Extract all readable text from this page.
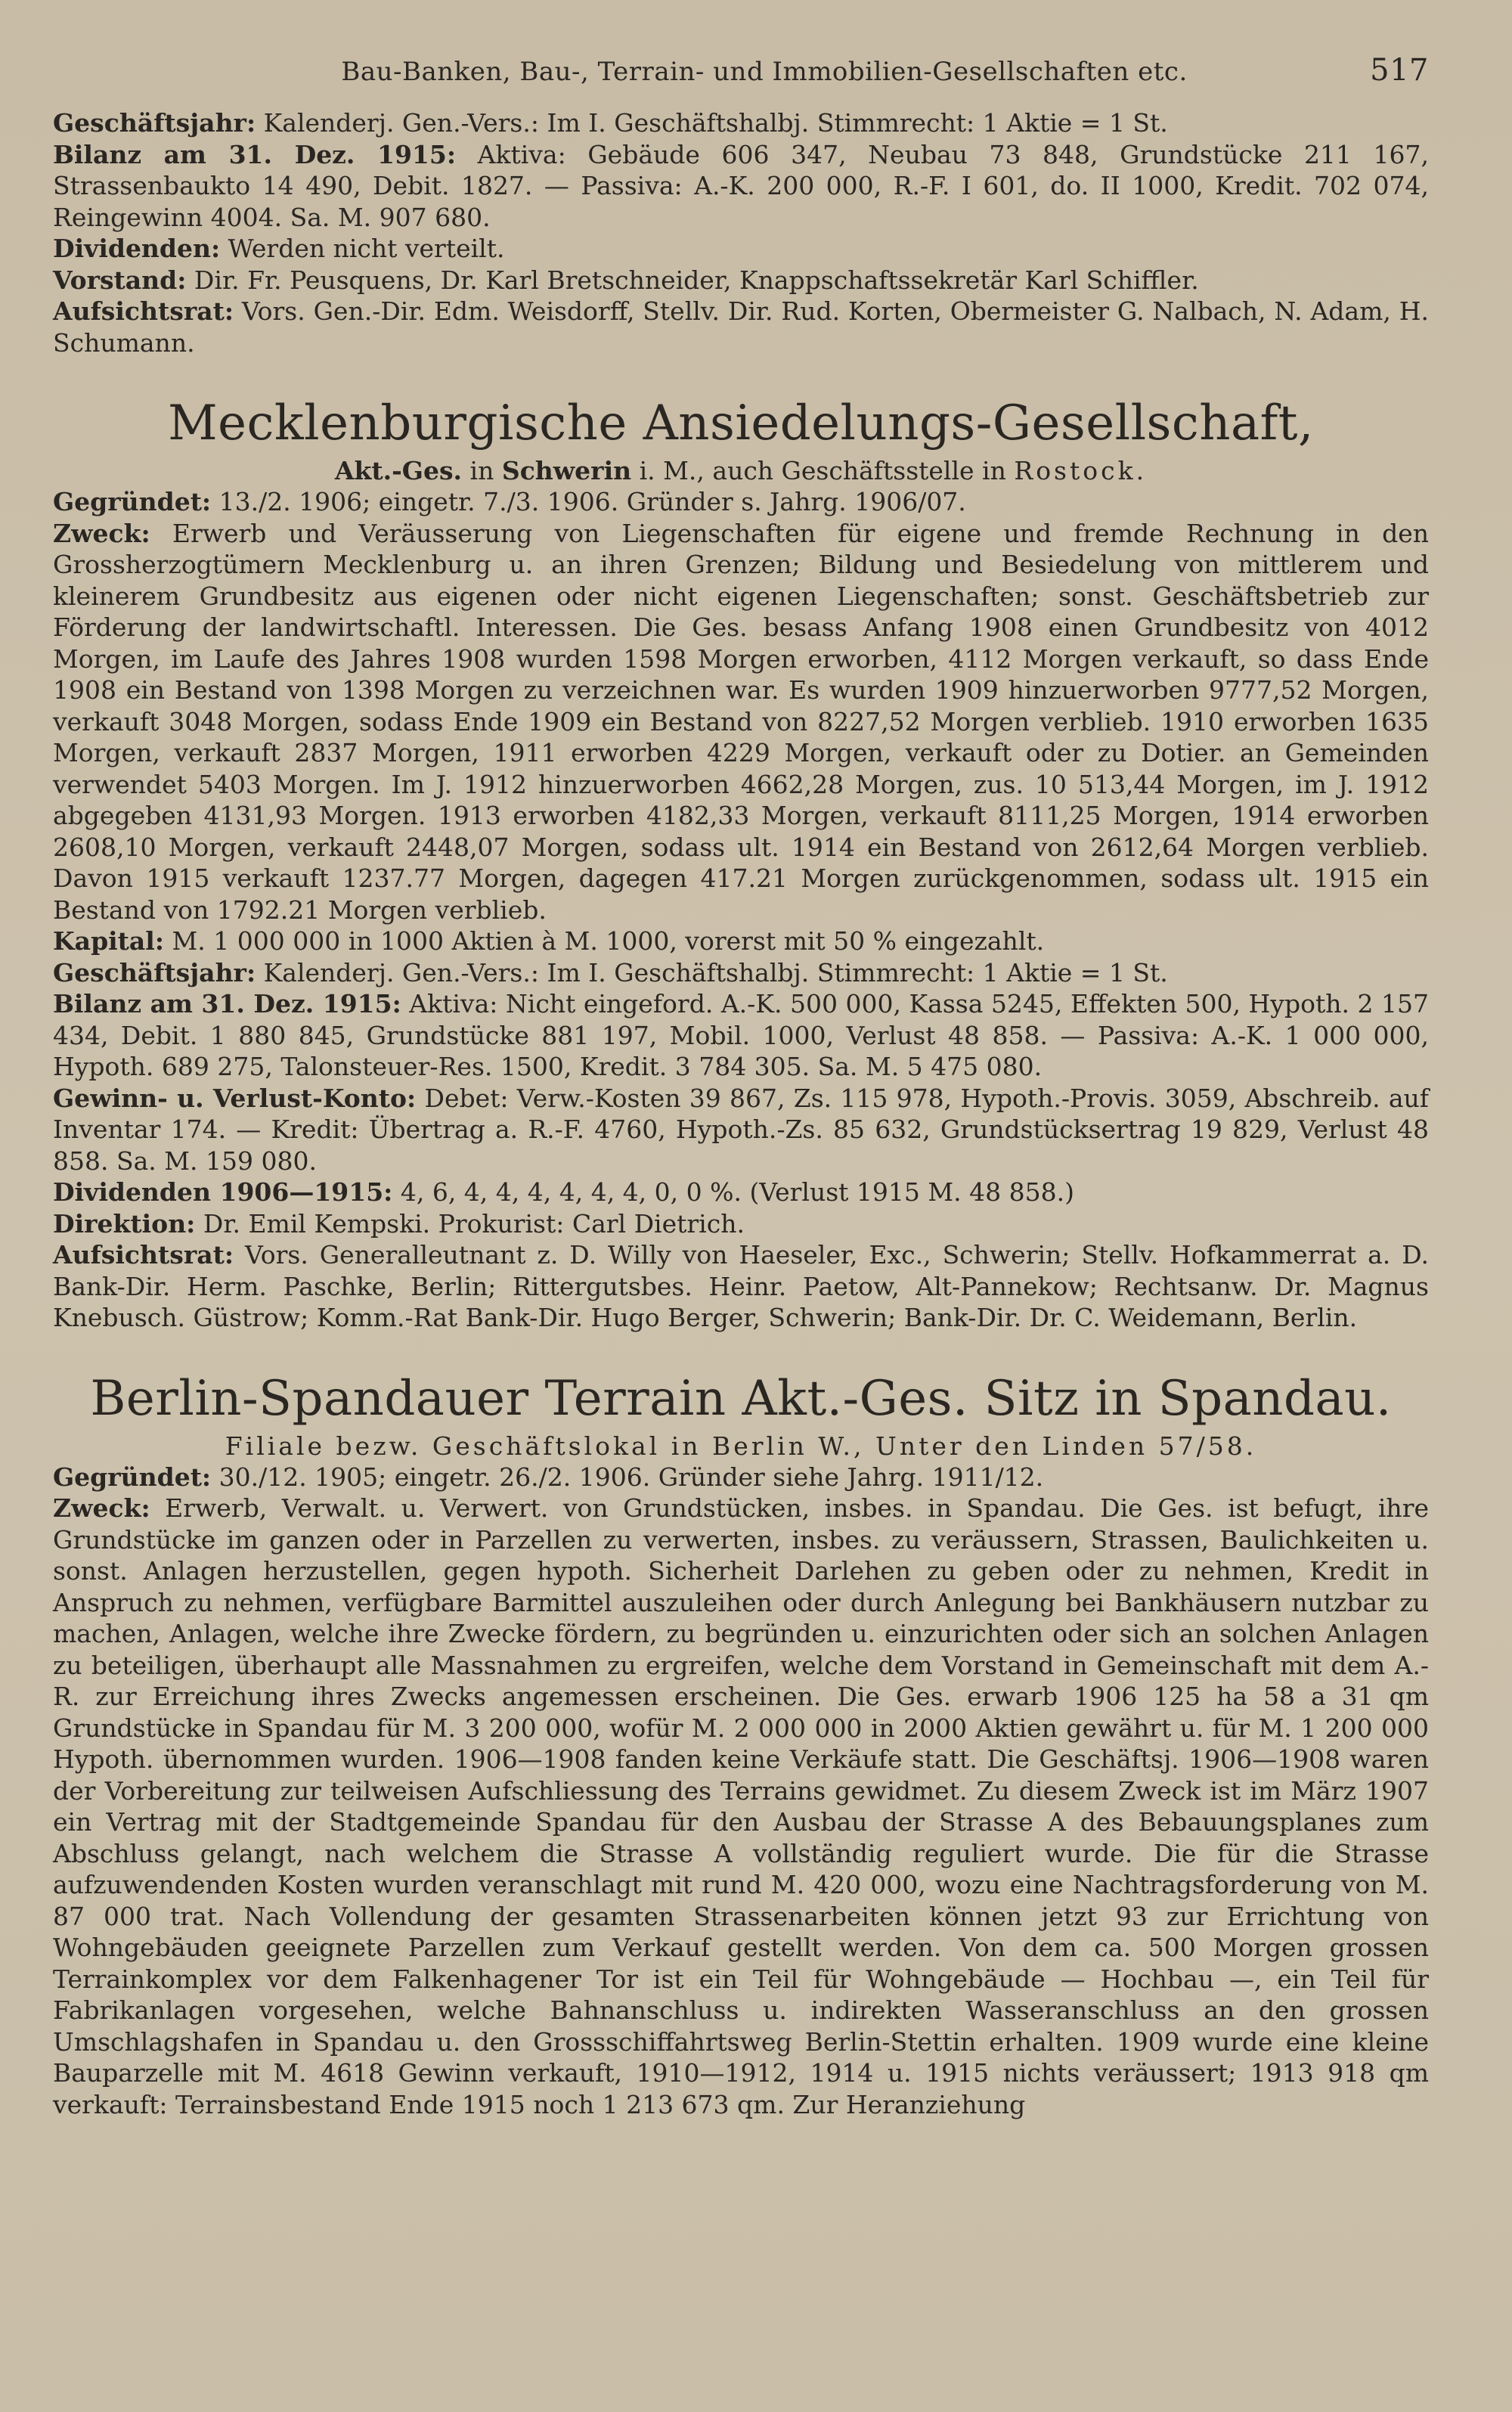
Bau-Banken, Bau-, Terrain- und Immobilien-Gesellschaften etc.	517

Geschäftsjahr: Kalenderj. Gen.-Vers.: Im I. Geschäftshalbj. Stimmrecht: 1 Aktie = 1 St.

Bilanz am 31. Dez. 1915: Aktiva: Gebäude 606 347, Neubau 73 848, Grundstücke 211 167, Strassenbaukto 14 490, Debit. 1827. — Passiva: A.-K. 200 000, R.-F. I 601, do. II 1000, Kredit. 702 074, Reingewinn 4004. Sa. M. 907 680.

Dividenden: Werden nicht verteilt.

Vorstand: Dir. Fr. Peusquens, Dr. Karl Bretschneider, Knappschaftssekretär Karl Schiffler.

Aufsichtsrat: Vors. Gen.-Dir. Edm. Weisdorff, Stellv. Dir. Rud. Korten, Obermeister G. Nalbach, N. Adam, H. Schumann.

Mecklenburgische Ansiedelungs-Gesellschaft,
Akt.-Ges. in Schwerin i. M., auch Geschäftsstelle in Rostock.

Gegründet: 13./2. 1906; eingetr. 7./3. 1906. Gründer s. Jahrg. 1906/07.

Zweck: Erwerb und Veräusserung von Liegenschaften für eigene und fremde Rechnung in den Grossherzogtümern Mecklenburg u. an ihren Grenzen; Bildung und Besiedelung von mittlerem und kleinerem Grundbesitz aus eigenen oder nicht eigenen Liegenschaften; sonst. Geschäftsbetrieb zur Förderung der landwirtschaftl. Interessen. Die Ges. besass Anfang 1908 einen Grundbesitz von 4012 Morgen, im Laufe des Jahres 1908 wurden 1598 Morgen erworben, 4112 Morgen verkauft, so dass Ende 1908 ein Bestand von 1398 Morgen zu verzeichnen war. Es wurden 1909 hinzuerworben 9777,52 Morgen, verkauft 3048 Morgen, sodass Ende 1909 ein Bestand von 8227,52 Morgen verblieb. 1910 erworben 1635 Morgen, verkauft 2837 Morgen, 1911 erworben 4229 Morgen, verkauft oder zu Dotier. an Gemeinden verwendet 5403 Morgen. Im J. 1912 hinzuerworben 4662,28 Morgen, zus. 10 513,44 Morgen, im J. 1912 abgegeben 4131,93 Morgen. 1913 erworben 4182,33 Morgen, verkauft 8111,25 Morgen, 1914 erworben 2608,10 Morgen, verkauft 2448,07 Morgen, sodass ult. 1914 ein Bestand von 2612,64 Morgen verblieb. Davon 1915 verkauft 1237.77 Morgen, dagegen 417.21 Morgen zurückgenommen, sodass ult. 1915 ein Bestand von 1792.21 Morgen verblieb.

Kapital: M. 1 000 000 in 1000 Aktien à M. 1000, vorerst mit 50 % eingezahlt.

Geschäftsjahr: Kalenderj. Gen.-Vers.: Im I. Geschäftshalbj. Stimmrecht: 1 Aktie = 1 St.

Bilanz am 31. Dez. 1915: Aktiva: Nicht eingeford. A.-K. 500 000, Kassa 5245, Effekten 500, Hypoth. 2 157 434, Debit. 1 880 845, Grundstücke 881 197, Mobil. 1000, Verlust 48 858. — Passiva: A.-K. 1 000 000, Hypoth. 689 275, Talonsteuer-Res. 1500, Kredit. 3 784 305. Sa. M. 5 475 080.

Gewinn- u. Verlust-Konto: Debet: Verw.-Kosten 39 867, Zs. 115 978, Hypoth.-Provis. 3059, Abschreib. auf Inventar 174. — Kredit: Übertrag a. R.-F. 4760, Hypoth.-Zs. 85 632, Grundstücksertrag 19 829, Verlust 48 858. Sa. M. 159 080.

Dividenden 1906—1915: 4, 6, 4, 4, 4, 4, 4, 4, 0, 0 %. (Verlust 1915 M. 48 858.)

Direktion: Dr. Emil Kempski. Prokurist: Carl Dietrich.

Aufsichtsrat: Vors. Generalleutnant z. D. Willy von Haeseler, Exc., Schwerin; Stellv. Hofkammerrat a. D. Bank-Dir. Herm. Paschke, Berlin; Rittergutsbes. Heinr. Paetow, Alt-Pannekow; Rechtsanw. Dr. Magnus Knebusch. Güstrow; Komm.-Rat Bank-Dir. Hugo Berger, Schwerin; Bank-Dir. Dr. C. Weidemann, Berlin.

Berlin-Spandauer Terrain Akt.-Ges. Sitz in Spandau.
Filiale bezw. Geschäftslokal in Berlin W., Unter den Linden 57/58.

Gegründet: 30./12. 1905; eingetr. 26./2. 1906. Gründer siehe Jahrg. 1911/12.

Zweck: Erwerb, Verwalt. u. Verwert. von Grundstücken, insbes. in Spandau. Die Ges. ist befugt, ihre Grundstücke im ganzen oder in Parzellen zu verwerten, insbes. zu veräussern, Strassen, Baulichkeiten u. sonst. Anlagen herzustellen, gegen hypoth. Sicherheit Darlehen zu geben oder zu nehmen, Kredit in Anspruch zu nehmen, verfügbare Barmittel auszuleihen oder durch Anlegung bei Bankhäusern nutzbar zu machen, Anlagen, welche ihre Zwecke fördern, zu begründen u. einzurichten oder sich an solchen Anlagen zu beteiligen, überhaupt alle Massnahmen zu ergreifen, welche dem Vorstand in Gemeinschaft mit dem A.-R. zur Erreichung ihres Zwecks angemessen erscheinen. Die Ges. erwarb 1906 125 ha 58 a 31 qm Grundstücke in Spandau für M. 3 200 000, wofür M. 2 000 000 in 2000 Aktien gewährt u. für M. 1 200 000 Hypoth. übernommen wurden. 1906—1908 fanden keine Verkäufe statt. Die Geschäftsj. 1906—1908 waren der Vorbereitung zur teilweisen Aufschliessung des Terrains gewidmet. Zu diesem Zweck ist im März 1907 ein Vertrag mit der Stadtgemeinde Spandau für den Ausbau der Strasse A des Bebauungsplanes zum Abschluss gelangt, nach welchem die Strasse A vollständig reguliert wurde. Die für die Strasse aufzuwendenden Kosten wurden veranschlagt mit rund M. 420 000, wozu eine Nachtragsforderung von M. 87 000 trat. Nach Vollendung der gesamten Strassenarbeiten können jetzt 93 zur Errichtung von Wohngebäuden geeignete Parzellen zum Verkauf gestellt werden. Von dem ca. 500 Morgen grossen Terrainkomplex vor dem Falkenhagener Tor ist ein Teil für Wohngebäude — Hochbau —, ein Teil für Fabrikanlagen vorgesehen, welche Bahnanschluss u. indirekten Wasseranschluss an den grossen Umschlagshafen in Spandau u. den Grossschiffahrtsweg Berlin-Stettin erhalten. 1909 wurde eine kleine Bauparzelle mit M. 4618 Gewinn verkauft, 1910—1912, 1914 u. 1915 nichts veräussert; 1913 918 qm verkauft: Terrainsbestand Ende 1915 noch 1 213 673 qm. Zur Heranziehung
